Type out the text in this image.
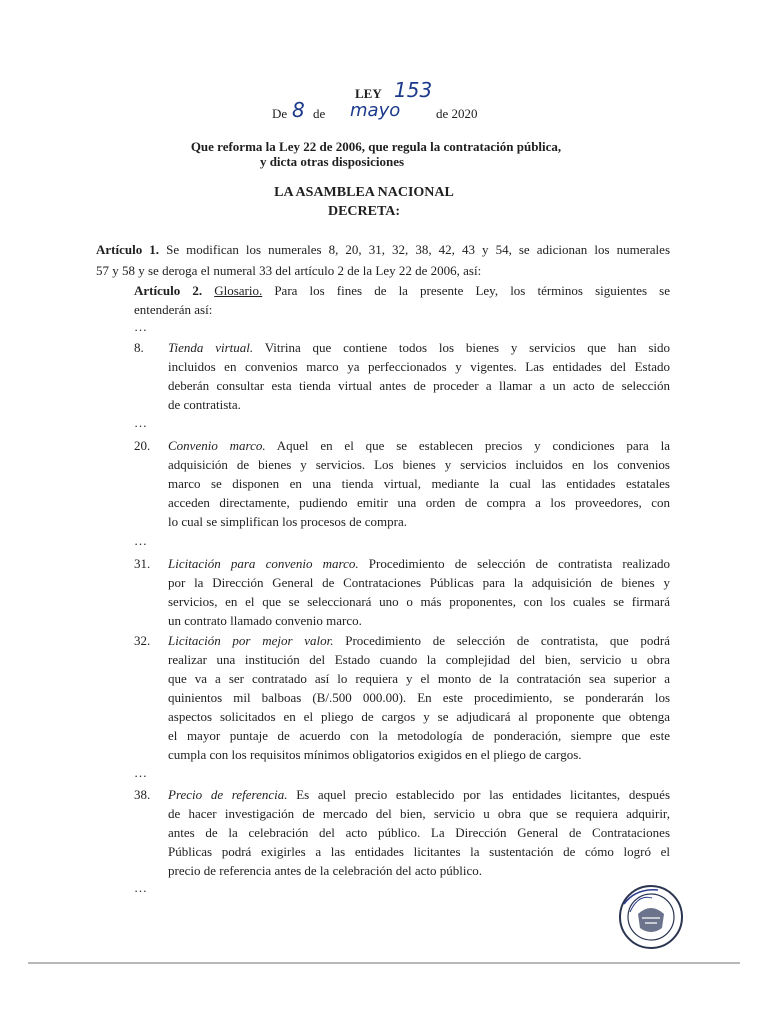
LEY 153
De 8 de mayo	de 2020
Que reforma la Ley 22 de 2006, que regula la contratación pública,
y dicta otras disposiciones
LA ASAMBLEA NACIONAL
DECRETA:
Artículo 1. Se modifican los numerales 8, 20, 31, 32, 38, 42, 43 y 54, se adicionan los numerales
57 y 58 y se deroga el numeral 33 del artículo 2 de la Ley 22 de 2006, así:
Artículo 2. Glosario. Para los fines de la presente Ley, los términos siguientes se
entenderán así:
…
8. Tienda virtual. Vitrina que contiene todos los bienes y servicios que han sido
incluidos en convenios marco ya perfeccionados y vigentes. Las entidades del Estado
deberán consultar esta tienda virtual antes de proceder a llamar a un acto de selección
de contratista.
…
20. Convenio marco. Aquel en el que se establecen precios y condiciones para la
adquisición de bienes y servicios. Los bienes y servicios incluidos en los convenios
marco se disponen en una tienda virtual, mediante la cual las entidades estatales
acceden directamente, pudiendo emitir una orden de compra a los proveedores, con
lo cual se simplifican los procesos de compra.
…
31. Licitación para convenio marco. Procedimiento de selección de contratista realizado
por la Dirección General de Contrataciones Públicas para la adquisición de bienes y
servicios, en el que se seleccionará uno o más proponentes, con los cuales se firmará
un contrato llamado convenio marco.
32. Licitación por mejor valor. Procedimiento de selección de contratista, que podrá
realizar una institución del Estado cuando la complejidad del bien, servicio u obra
que va a ser contratado así lo requiera y el monto de la contratación sea superior a
quinientos mil balboas (B/.500 000.00). En este procedimiento, se ponderarán los
aspectos solicitados en el pliego de cargos y se adjudicará al proponente que obtenga
el mayor puntaje de acuerdo con la metodología de ponderación, siempre que este
cumpla con los requisitos mínimos obligatorios exigidos en el pliego de cargos.
…
38. Precio de referencia. Es aquel precio establecido por las entidades licitantes, después
de hacer investigación de mercado del bien, servicio u obra que se requiera adquirir,
antes de la celebración del acto público. La Dirección General de Contrataciones
Públicas podrá exigirles a las entidades licitantes la sustentación de cómo logró el
precio de referencia antes de la celebración del acto público.
…
